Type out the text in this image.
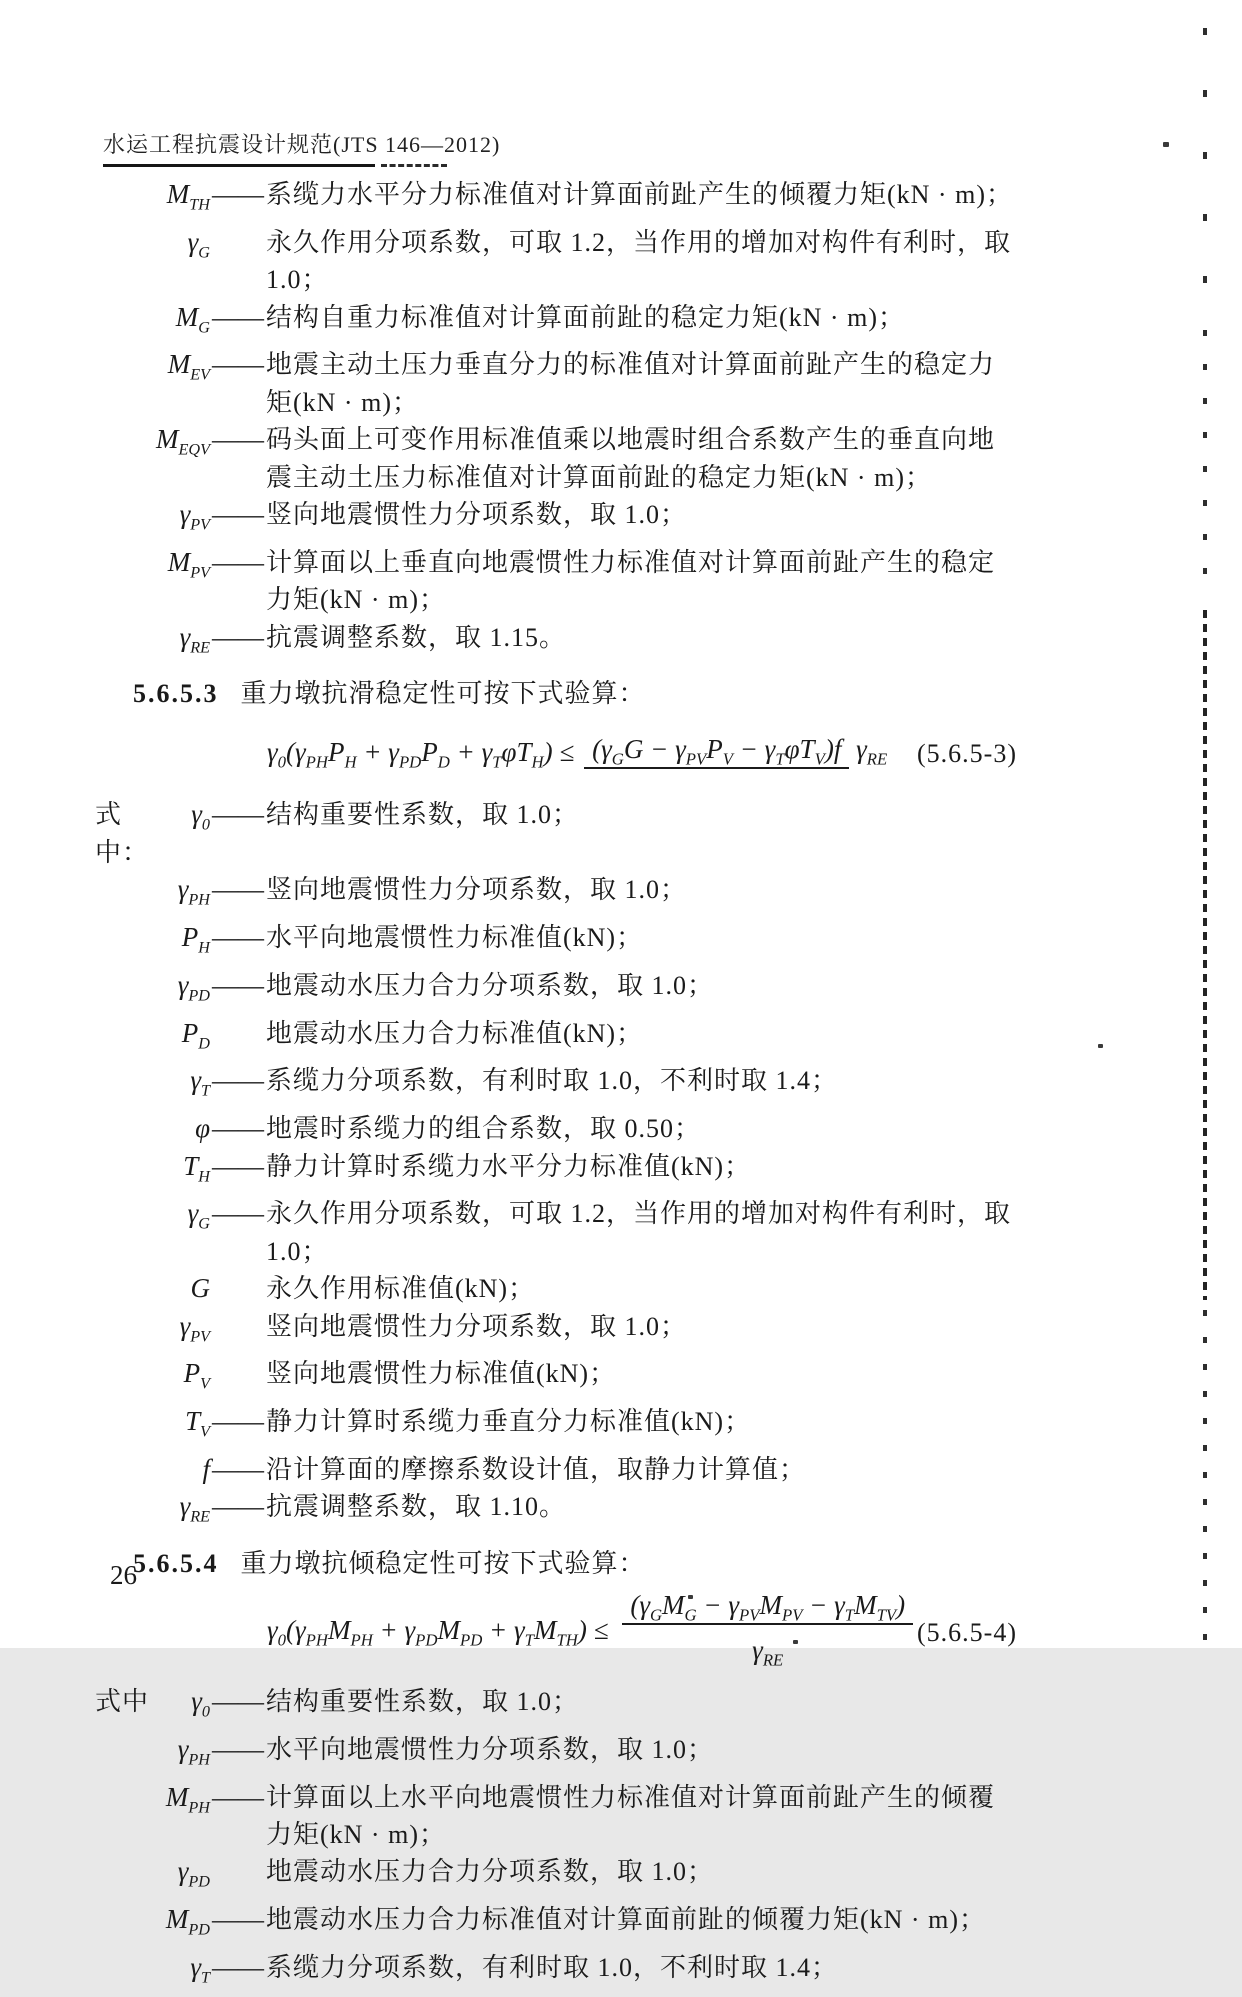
水运工程抗震设计规范(JTS 146—2012)
$M_{TH}$ —— 系缆力水平分力标准值对计算面前趾产生的倾覆力矩(kN · m)；
$\gamma_G$ 永久作用分项系数，可取 1.2，当作用的增加对构件有利时，取 1.0；
$M_G$ —— 结构自重力标准值对计算面前趾的稳定力矩(kN · m)；
$M_{EV}$ —— 地震主动土压力垂直分力的标准值对计算面前趾产生的稳定力矩(kN · m)；
$M_{EQV}$ —— 码头面上可变作用标准值乘以地震时组合系数产生的垂直向地震主动土压力标准值对计算面前趾的稳定力矩(kN · m)；
$\gamma_{PV}$ —— 竖向地震惯性力分项系数，取 1.0；
$M_{PV}$ —— 计算面以上垂直向地震惯性力标准值对计算面前趾产生的稳定力矩(kN · m)；
$\gamma_{RE}$ —— 抗震调整系数，取 1.15。
5.6.5.3 重力墩抗滑稳定性可按下式验算：
$\gamma_0(\gamma_{PH}P_H + \gamma_{PD}P_D + \gamma_T\varphi T_H) \le (\gamma_GG - \gamma_{PV}P_V - \gamma_T\varphi T_V)f$ $\gamma_{RE}$ (5.6.5-3)
式中：
$\gamma_0$ —— 结构重要性系数，取 1.0；
$\gamma_{PH}$ —— 竖向地震惯性力分项系数，取 1.0；
$P_H$ —— 水平向地震惯性力标准值(kN)；
$\gamma_{PD}$ —— 地震动水压力合力分项系数，取 1.0；
$P_D$ 地震动水压力合力标准值(kN)；
$\gamma_T$ —— 系缆力分项系数，有利时取 1.0，不利时取 1.4；
φ —— 地震时系缆力的组合系数，取 0.50；
$T_H$ —— 静力计算时系缆力水平分力标准值(kN)；
$\gamma_G$ —— 永久作用分项系数，可取 1.2，当作用的增加对构件有利时，取 1.0；
G 永久作用标准值(kN)；
$\gamma_{PV}$ 竖向地震惯性力分项系数，取 1.0；
$P_V$ 竖向地震惯性力标准值(kN)；
$T_V$ —— 静力计算时系缆力垂直分力标准值(kN)；
f —— 沿计算面的摩擦系数设计值，取静力计算值；
$\gamma_{RE}$ —— 抗震调整系数，取 1.10。
5.6.5.4 重力墩抗倾稳定性可按下式验算：
$\gamma_0(\gamma_{PH}M_{PH} + \gamma_{PD}M_{PD} + \gamma_TM_{TH}) \le \frac{(\gamma_GM_G - \gamma_{PV}M_{PV} - \gamma_TM_{TV})}{\gamma_{RE}} (5.6.5-4)$
式中	$\gamma_0$ —— 结构重要性系数，取 1.0；
$\gamma_{PH}$ —— 水平向地震惯性力分项系数，取 1.0；
$M_{PH}$ —— 计算面以上水平向地震惯性力标准值对计算面前趾产生的倾覆力矩(kN · m)；
$\gamma_{PD}$ 地震动水压力合力分项系数，取 1.0；
$M_{PD}$ —— 地震动水压力合力标准值对计算面前趾的倾覆力矩(kN · m)；
$\gamma_T$ —— 系缆力分项系数，有利时取 1.0，不利时取 1.4；
26
